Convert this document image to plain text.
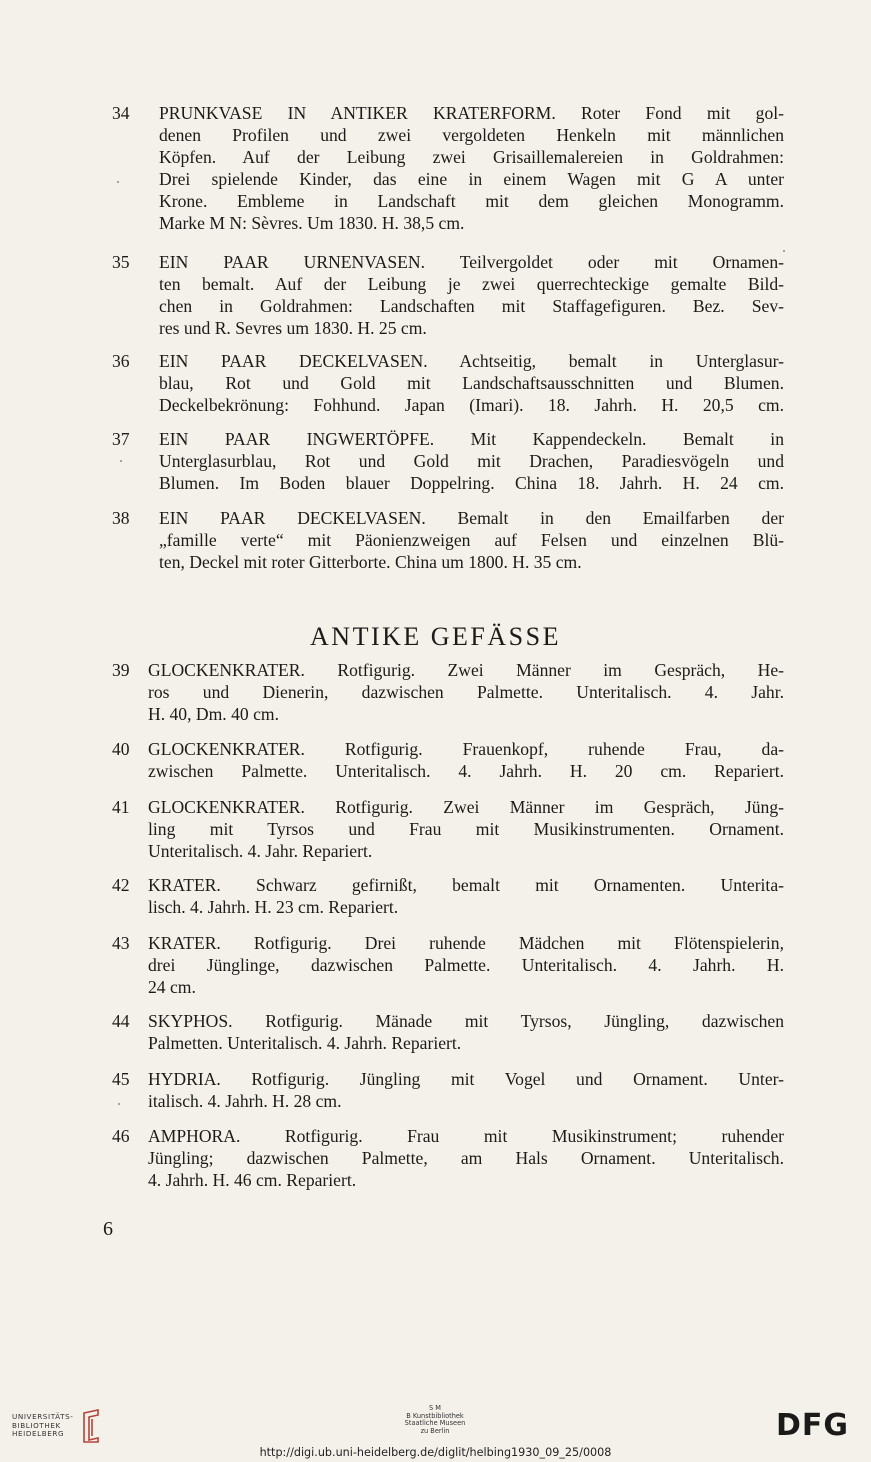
34	PRUNKVASE IN ANTIKER KRATERFORM. Roter Fond mit gol-
denen Profilen und zwei vergoldeten Henkeln mit männlichen
Köpfen. Auf der Leibung zwei Grisaillemalereien in Goldrahmen:
Drei spielende Kinder, das eine in einem Wagen mit G A unter
Krone. Embleme in Landschaft mit dem gleichen Monogramm.
Marke M N: Sèvres. Um 1830. H. 38,5 cm.
35	EIN PAAR URNENVASEN. Teilvergoldet oder mit Ornamen-
ten bemalt. Auf der Leibung je zwei querrechteckige gemalte Bild-
chen in Goldrahmen: Landschaften mit Staffagefiguren. Bez. Sev-
res und R. Sevres um 1830. H. 25 cm.
36	EIN PAAR DECKELVASEN. Achtseitig, bemalt in Unterglasur-
blau, Rot und Gold mit Landschaftsausschnitten und Blumen.
Deckelbekrönung: Fohhund. Japan (Imari). 18. Jahrh. H. 20,5 cm.
37	EIN PAAR INGWERTÖPFE. Mit Kappendeckeln. Bemalt in
Unterglasurblau, Rot und Gold mit Drachen, Paradiesvögeln und
Blumen. Im Boden blauer Doppelring. China 18. Jahrh. H. 24 cm.
38	EIN PAAR DECKELVASEN. Bemalt in den Emailfarben der
„famille verte“ mit Päonienzweigen auf Felsen und einzelnen Blü-
ten, Deckel mit roter Gitterborte. China um 1800. H. 35 cm.
ANTIKE GEFÄSSE
39	GLOCKENKRATER. Rotfigurig. Zwei Männer im Gespräch, He-
ros und Dienerin, dazwischen Palmette. Unteritalisch. 4. Jahr.
H. 40, Dm. 40 cm.
40	GLOCKENKRATER. Rotfigurig. Frauenkopf, ruhende Frau, da-
zwischen Palmette. Unteritalisch. 4. Jahrh. H. 20 cm. Repariert.
41	GLOCKENKRATER. Rotfigurig. Zwei Männer im Gespräch, Jüng-
ling mit Tyrsos und Frau mit Musikinstrumenten. Ornament.
Unteritalisch. 4. Jahr. Repariert.
42	KRATER. Schwarz gefirnißt, bemalt mit Ornamenten. Unterita-
lisch. 4. Jahrh. H. 23 cm. Repariert.
43	KRATER. Rotfigurig. Drei ruhende Mädchen mit Flötenspielerin,
drei Jünglinge, dazwischen Palmette. Unteritalisch. 4. Jahrh. H.
24 cm.
44	SKYPHOS. Rotfigurig. Mänade mit Tyrsos, Jüngling, dazwischen
Palmetten. Unteritalisch. 4. Jahrh. Repariert.
45	HYDRIA. Rotfigurig. Jüngling mit Vogel und Ornament. Unter-
italisch. 4. Jahrh. H. 28 cm.
46	AMPHORA. Rotfigurig. Frau mit Musikinstrument; ruhender
Jüngling; dazwischen Palmette, am Hals Ornament. Unteritalisch.
4. Jahrh. H. 46 cm. Repariert.
6
UNIVERSITÄTS-
BIBLIOTHEK
HEIDELBERG
S M
B Kunstbibliothek
Staatliche Museen
zu Berlin	DFG
http://digi.ub.uni-heidelberg.de/diglit/helbing1930_09_25/0008
